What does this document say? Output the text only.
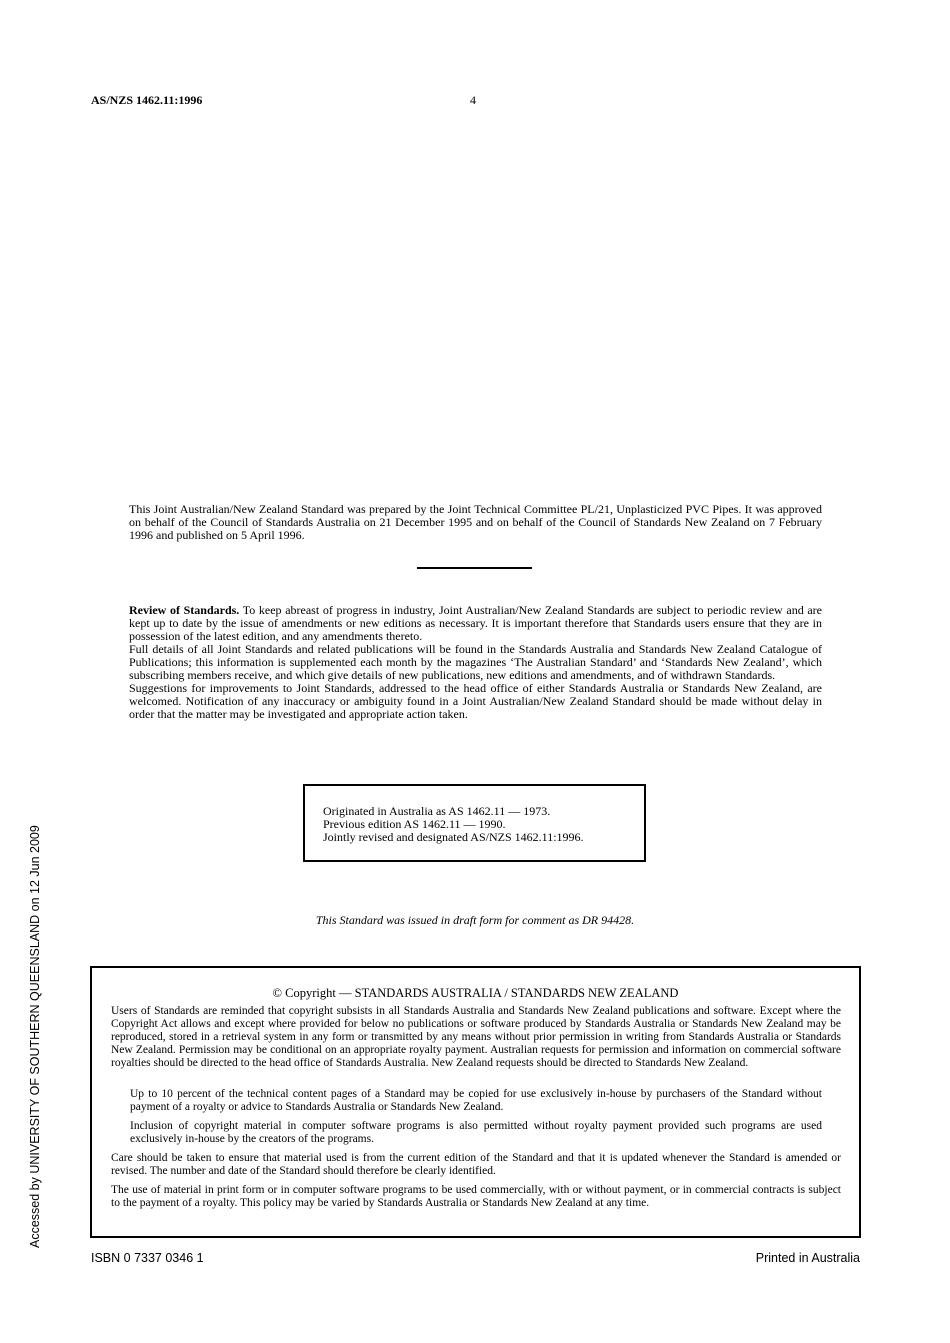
AS/NZS 1462.11:1996	4
This Joint Australian/New Zealand Standard was prepared by the Joint Technical Committee PL/21, Unplasticized PVC Pipes. It was approved on behalf of the Council of Standards Australia on 21 December 1995 and on behalf of the Council of Standards New Zealand on 7 February 1996 and published on 5 April 1996.

Review of Standards. To keep abreast of progress in industry, Joint Australian/New Zealand Standards are subject to periodic review and are kept up to date by the issue of amendments or new editions as necessary. It is important therefore that Standards users ensure that they are in possession of the latest edition, and any amendments thereto.

Full details of all Joint Standards and related publications will be found in the Standards Australia and Standards New Zealand Catalogue of Publications; this information is supplemented each month by the magazines ‘The Australian Standard’ and ‘Standards New Zealand’, which subscribing members receive, and which give details of new publications, new editions and amendments, and of withdrawn Standards.

Suggestions for improvements to Joint Standards, addressed to the head office of either Standards Australia or Standards New Zealand, are welcomed. Notification of any inaccuracy or ambiguity found in a Joint Australian/New Zealand Standard should be made without delay in order that the matter may be investigated and appropriate action taken.

Originated in Australia as AS 1462.11 — 1973.
Previous edition AS 1462.11 — 1990.
Jointly revised and designated AS/NZS 1462.11:1996.
This Standard was issued in draft form for comment as DR 94428.
© Copyright — STANDARDS AUSTRALIA / STANDARDS NEW ZEALAND
Users of Standards are reminded that copyright subsists in all Standards Australia and Standards New Zealand publications and software. Except where the Copyright Act allows and except where provided for below no publications or software produced by Standards Australia or Standards New Zealand may be reproduced, stored in a retrieval system in any form or transmitted by any means without prior permission in writing from Standards Australia or Standards New Zealand. Permission may be conditional on an appropriate royalty payment. Australian requests for permission and information on commercial software royalties should be directed to the head office of Standards Australia. New Zealand requests should be directed to Standards New Zealand.
Up to 10 percent of the technical content pages of a Standard may be copied for use exclusively in-house by purchasers of the Standard without payment of a royalty or advice to Standards Australia or Standards New Zealand.
Inclusion of copyright material in computer software programs is also permitted without royalty payment provided such programs are used exclusively in-house by the creators of the programs.
Care should be taken to ensure that material used is from the current edition of the Standard and that it is updated whenever the Standard is amended or revised. The number and date of the Standard should therefore be clearly identified.
The use of material in print form or in computer software programs to be used commercially, with or without payment, or in commercial contracts is subject to the payment of a royalty. This policy may be varied by Standards Australia or Standards New Zealand at any time.
Accessed by UNIVERSITY OF SOUTHERN QUEENSLAND on 12 Jun 2009
ISBN 0 7337 0346 1	Printed in Australia
